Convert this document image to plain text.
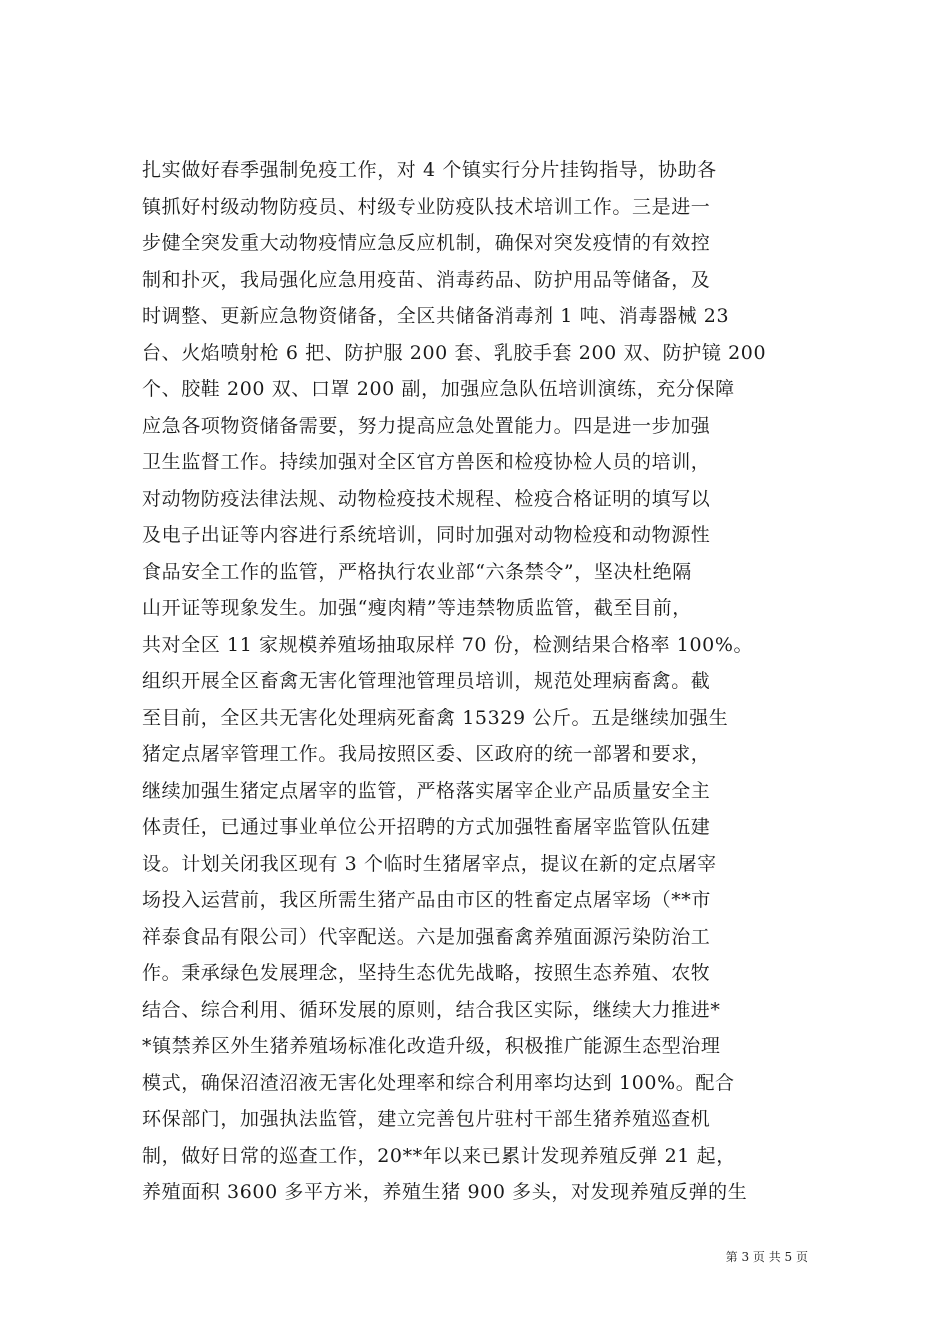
扎实做好春季强制免疫工作，对 4 个镇实行分片挂钩指导，协助各
镇抓好村级动物防疫员、村级专业防疫队技术培训工作。三是进一
步健全突发重大动物疫情应急反应机制，确保对突发疫情的有效控
制和扑灭，我局强化应急用疫苗、消毒药品、防护用品等储备，及
时调整、更新应急物资储备，全区共储备消毒剂 1 吨、消毒器械 23
台、火焰喷射枪 6 把、防护服 200 套、乳胶手套 200 双、防护镜 200
个、胶鞋 200 双、口罩 200 副，加强应急队伍培训演练，充分保障
应急各项物资储备需要，努力提高应急处置能力。四是进一步加强
卫生监督工作。持续加强对全区官方兽医和检疫协检人员的培训，
对动物防疫法律法规、动物检疫技术规程、检疫合格证明的填写以
及电子出证等内容进行系统培训，同时加强对动物检疫和动物源性
食品安全工作的监管，严格执行农业部“六条禁令”，坚决杜绝隔
山开证等现象发生。加强“瘦肉精”等违禁物质监管，截至目前，
共对全区 11 家规模养殖场抽取尿样 70 份，检测结果合格率 100%。
组织开展全区畜禽无害化管理池管理员培训，规范处理病畜禽。截
至目前，全区共无害化处理病死畜禽 15329 公斤。五是继续加强生
猪定点屠宰管理工作。我局按照区委、区政府的统一部署和要求，
继续加强生猪定点屠宰的监管，严格落实屠宰企业产品质量安全主
体责任，已通过事业单位公开招聘的方式加强牲畜屠宰监管队伍建
设。计划关闭我区现有 3 个临时生猪屠宰点，提议在新的定点屠宰
场投入运营前，我区所需生猪产品由市区的牲畜定点屠宰场（**市
祥泰食品有限公司）代宰配送。六是加强畜禽养殖面源污染防治工
作。秉承绿色发展理念，坚持生态优先战略，按照生态养殖、农牧
结合、综合利用、循环发展的原则，结合我区实际，继续大力推进*
*镇禁养区外生猪养殖场标准化改造升级，积极推广能源生态型治理
模式，确保沼渣沼液无害化处理率和综合利用率均达到 100%。配合
环保部门，加强执法监管，建立完善包片驻村干部生猪养殖巡查机
制，做好日常的巡查工作，20**年以来已累计发现养殖反弹 21 起，
养殖面积 3600 多平方米，养殖生猪 900 多头，对发现养殖反弹的生
第 3 页 共 5 页
